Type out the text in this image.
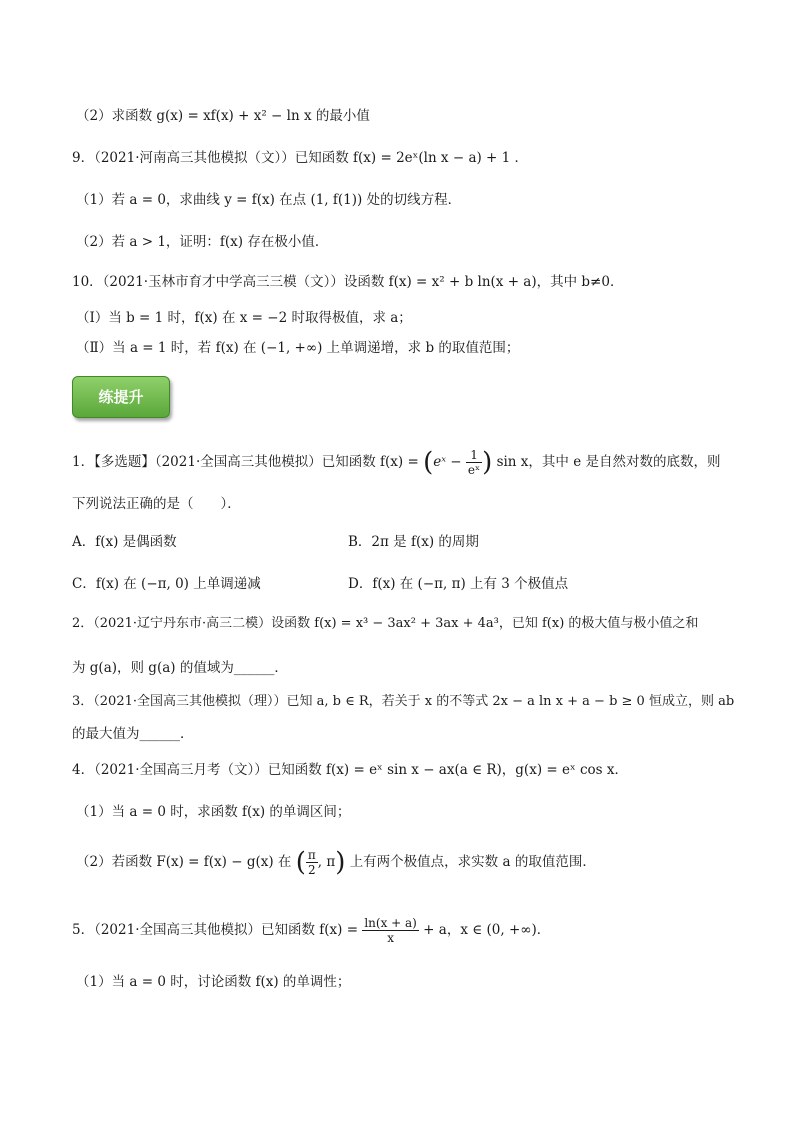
（2）求函数 g(x) = xf(x) + x² − ln x 的最小值
9．（2021·河南高三其他模拟（文））已知函数 f(x) = 2eˣ(ln x − a) + 1 ．
（1）若 a = 0，求曲线 y = f(x) 在点 (1, f(1)) 处的切线方程．
（2）若 a > 1，证明：f(x) 存在极小值．
10．（2021·玉林市育才中学高三三模（文））设函数 f(x) = x² + b ln(x + a)，其中 b≠0．
（Ⅰ）当 b = 1 时，f(x) 在 x = −2 时取得极值，求 a；
（Ⅱ）当 a = 1 时，若 f(x) 在 (−1, +∞) 上单调递增，求 b 的取值范围；
练提升
1．【多选题】（2021·全国高三其他模拟）已知函数 f(x) = (eˣ − $\frac{1}{\text{eˣ}}$ ) sin x，其中 e 是自然对数的底数，则
下列说法正确的是（　　）．
A．f(x) 是偶函数	B．2π 是 f(x) 的周期
C．f(x) 在 (−π, 0) 上单调递减	D．f(x) 在 (−π, π) 上有 3 个极值点
2．（2021·辽宁丹东市·高三二模）设函数 f(x) = x³ − 3ax² + 3ax + 4a³，已知 f(x) 的极大值与极小值之和
为 g(a)，则 g(a) 的值域为______．
3．（2021·全国高三其他模拟（理））已知 a, b ∈ R，若关于 x 的不等式 2x − a ln x + a − b ≥ 0 恒成立，则 ab
的最大值为______．
4．（2021·全国高三月考（文））已知函数 f(x) = eˣ sin x − ax(a ∈ R)，g(x) = eˣ cos x．
（1）当 a = 0 时，求函数 f(x) 的单调区间；
（2）若函数 F(x) = f(x) − g(x) 在 ( $\frac{\pi}{2}$ , π) 上有两个极值点，求实数 a 的取值范围．
5．（2021·全国高三其他模拟）已知函数 $f(x) = \frac{\ln(x + a)}{x} + a$，x ∈ (0, +∞)．
（1）当 a = 0 时，讨论函数 f(x) 的单调性；
